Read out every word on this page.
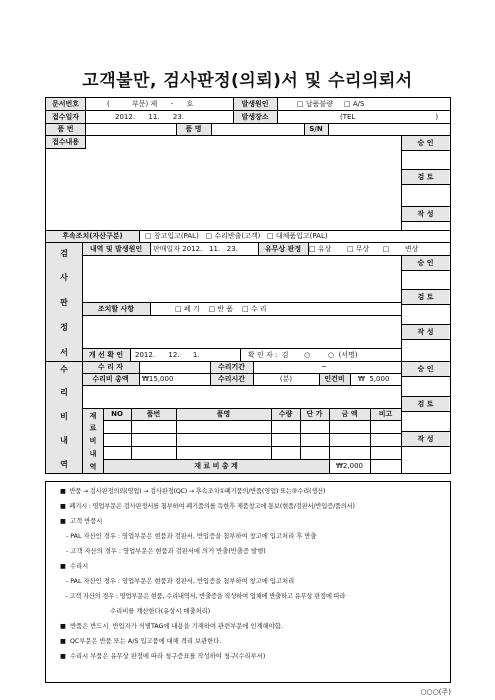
고객불만, 검사판정(의뢰)서 및 수리의뢰서
문서번호	(          부문) 제      -      호	발생원인	□ 납품불량     □ A/S
접수일자	2012.      11.      23.	발생장소	(TEL                                    )
품 번	품 명	S/N
접수내용
후속조치(자산구분)	□ 창고입고(PAL)   □ 수리반출(고객)   □ 대체품입고(PAL)
내역 및 발생원인	판매일자 2012.   11.   23.	유무상 판정	□ 유상       □ 무상      □       변상
조치할 사항	□ 폐 기    □ 반 품    □ 수 리
개 선 확 인	2012.      12.      1.	확 인 자 :  김       ○        ○  (서명)
수 리 자	수리기간	~
수리비 총액	₩15,000	수리시간	(분)	인건비	₩  5,000
NO	품번	품명	수량	단 가	금 액	비고
재 료 비 총 계	₩2,000
검
사
판
정
서
수
리
비
내
역
재
료
비
내
역
승 인
검 토
작 성
승 인
검 토
작 성
승 인
검 토
작 성
■  반품 → 검사판정의뢰(영업) → 검사판정(QC) → 후속조치①폐기품의/반품(영업) 또는②수리(생산)
■  폐기시 : 영업부문은 검사판정서를 첨부하여 폐기품의를 득한후 제품창고에 통보(현품/검판서/반입증/품의서)
■  고객 반품시
- PAL 자산인 경우 : 영업부문은 현품과 검판서, 반입증을 첨부하여 창고에 입고처리 후 반출
- 고객 자산의 경우 : 영업부문은 현품과 검판서에 의거 반출(반출증 발행)
■  수리시
- PAL 자산인 경우 : 영업부문은 현품과 검판서, 반입증을 첨부하여 창고에 입고처리
- 고객 자산의 경우 : 영업부문은 현품, 수리내역서, 반출증을 작성하여 업체에 반출하고 유무상 판정에 따라
수리비를 계산한다(유상시 매출처리)
■  반품은 반드시  반입자가 식별TAG에 내용을 기재하여 관련부문에 인계해야함.
■  QC부문은 반품 또는 A/S 입고품에 대해 격리 보관한다.
■  수리시 부품은 유무상 판정에 따라 청구증표를 작성하여 청구(수리부서)
○○○(주)
